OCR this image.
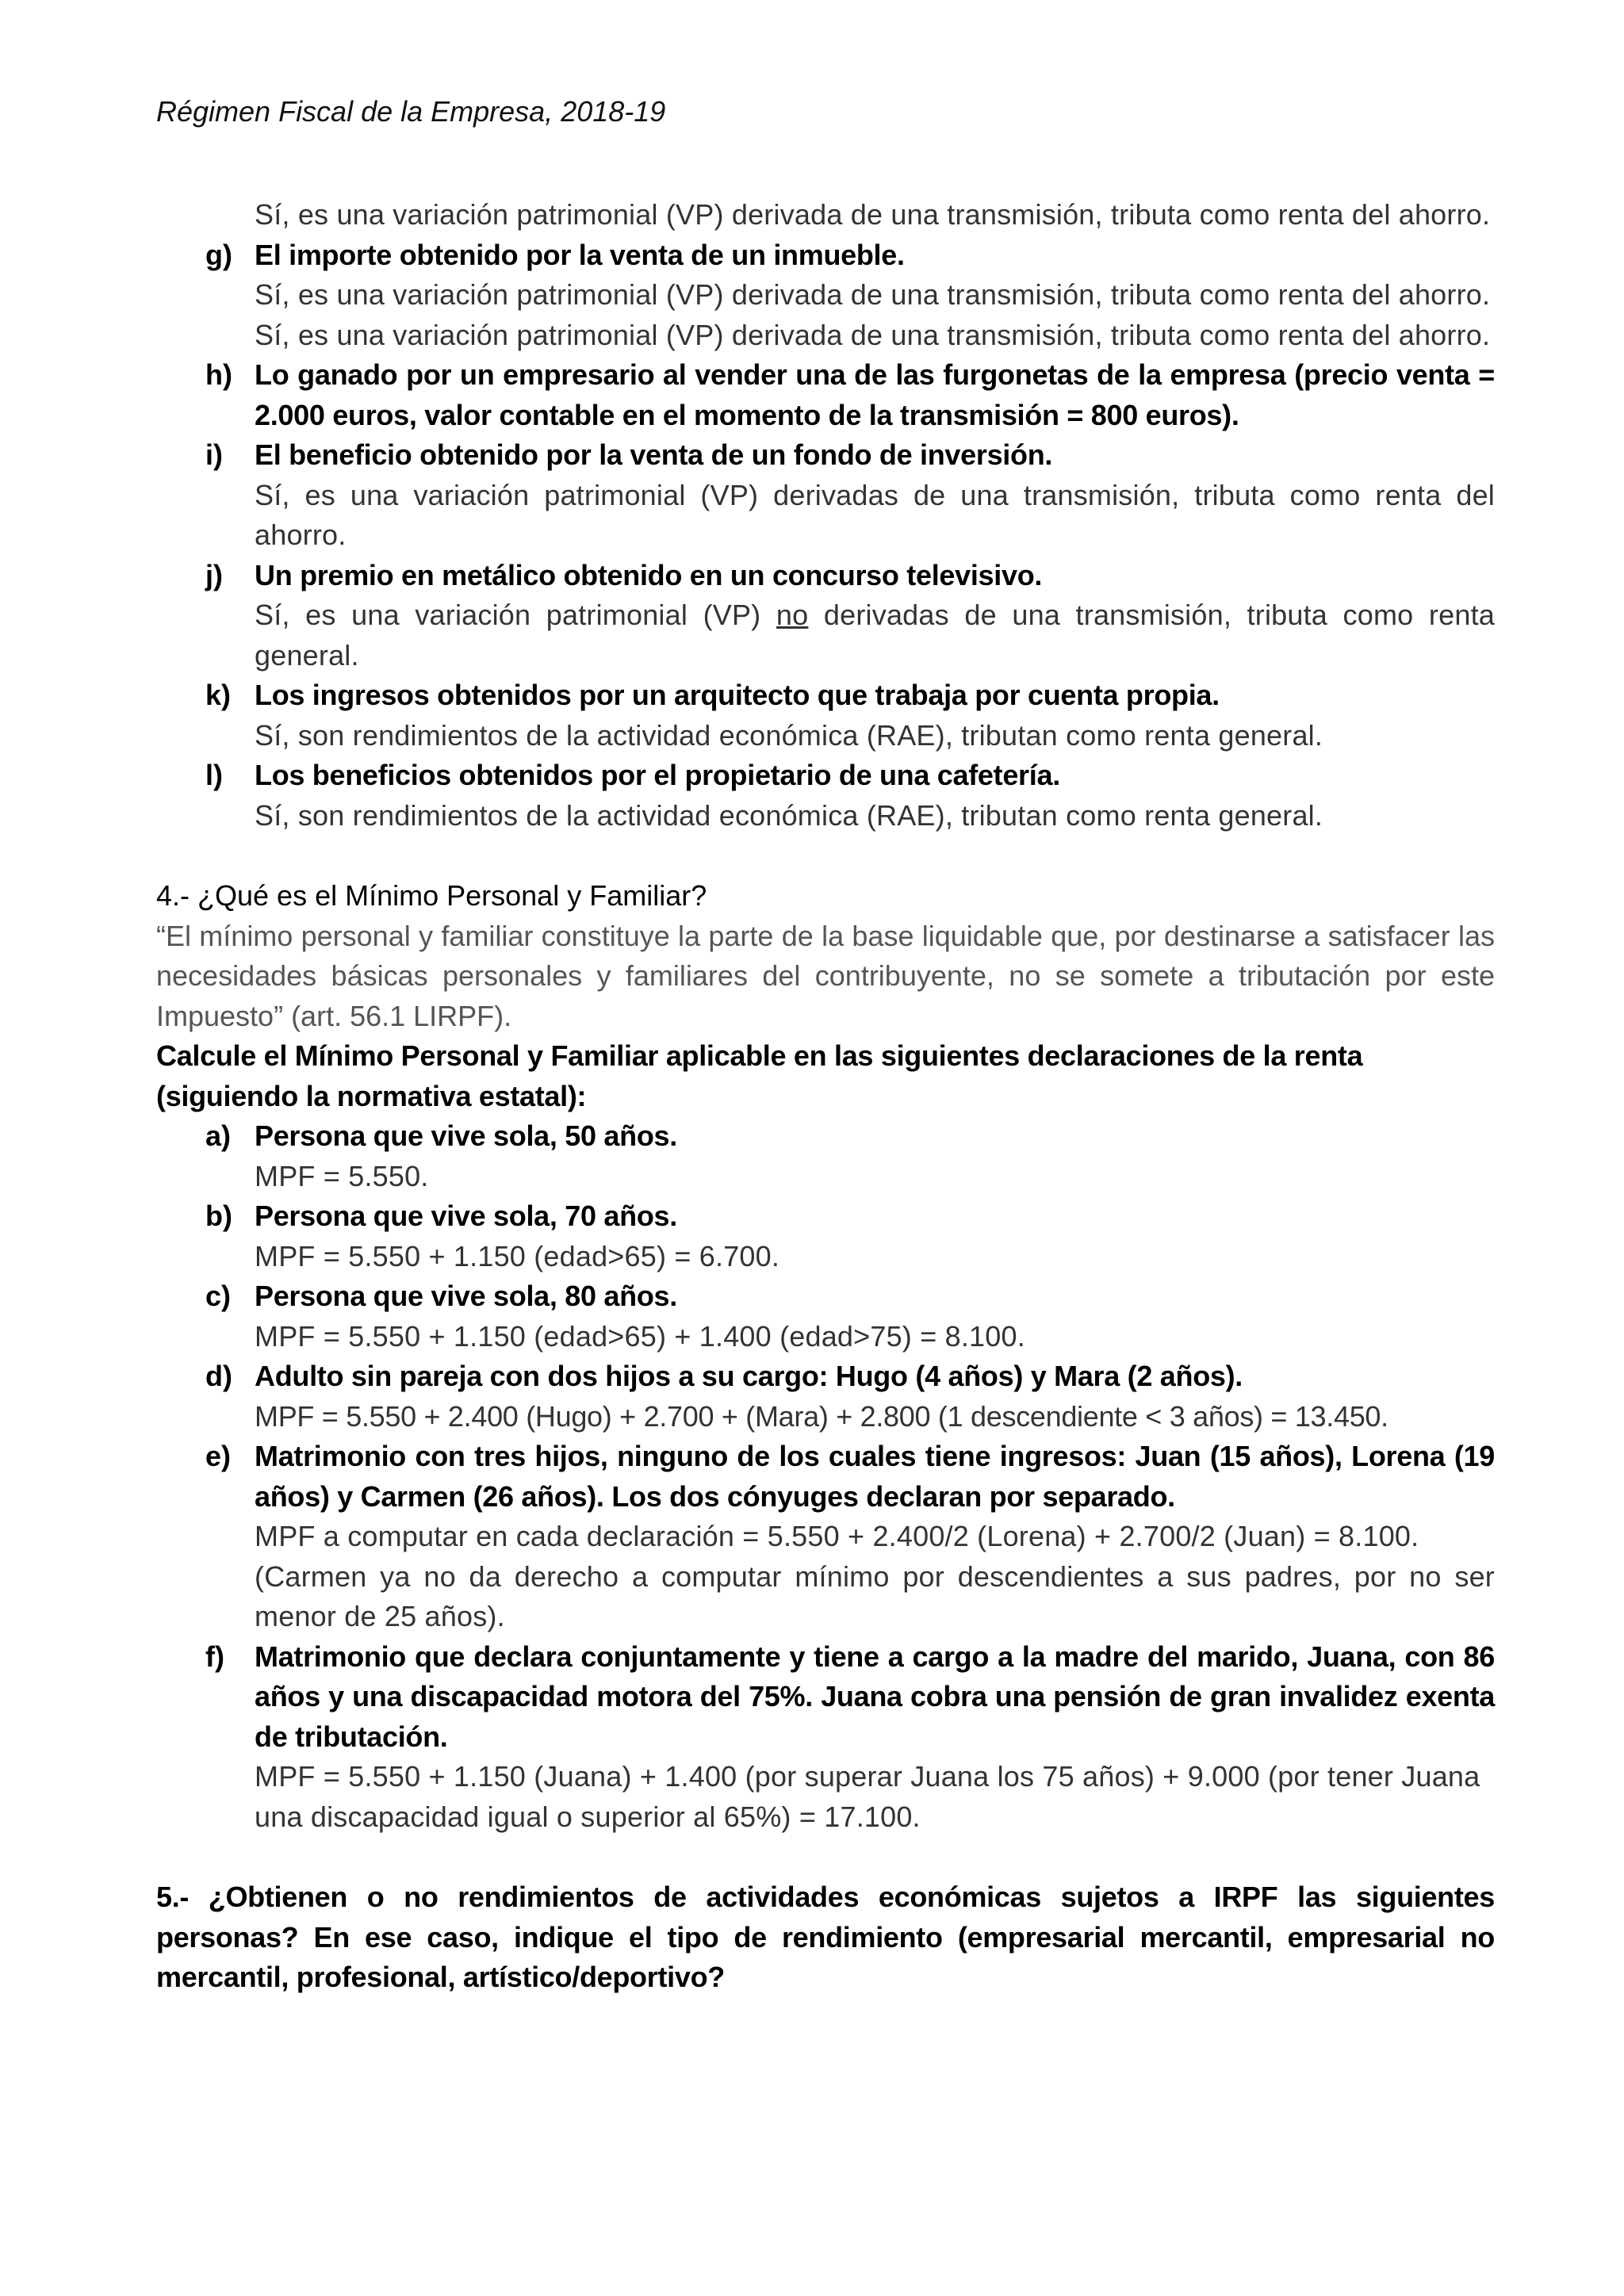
Régimen Fiscal de la Empresa, 2018-19
Sí, es una variación patrimonial (VP) derivada de una transmisión, tributa como renta del ahorro.
g) El importe obtenido por la venta de un inmueble.
Sí, es una variación patrimonial (VP) derivada de una transmisión, tributa como renta del ahorro.
Sí, es una variación patrimonial (VP) derivada de una transmisión, tributa como renta del ahorro.
h) Lo ganado por un empresario al vender una de las furgonetas de la empresa (precio venta = 2.000 euros, valor contable en el momento de la transmisión = 800 euros).
i) El beneficio obtenido por la venta de un fondo de inversión.
Sí, es una variación patrimonial (VP) derivadas de una transmisión, tributa como renta del ahorro.
j) Un premio en metálico obtenido en un concurso televisivo.
Sí, es una variación patrimonial (VP) no derivadas de una transmisión, tributa como renta general.
k) Los ingresos obtenidos por un arquitecto que trabaja por cuenta propia.
Sí, son rendimientos de la actividad económica (RAE), tributan como renta general.
l) Los beneficios obtenidos por el propietario de una cafetería.
Sí, son rendimientos de la actividad económica (RAE), tributan como renta general.
4.- ¿Qué es el Mínimo Personal y Familiar?
“El mínimo personal y familiar constituye la parte de la base liquidable que, por destinarse a satisfacer las necesidades básicas personales y familiares del contribuyente, no se somete a tributación por este Impuesto” (art. 56.1 LIRPF).
Calcule el Mínimo Personal y Familiar aplicable en las siguientes declaraciones de la renta (siguiendo la normativa estatal):
a) Persona que vive sola, 50 años.
MPF = 5.550.
b) Persona que vive sola, 70 años.
MPF = 5.550 + 1.150 (edad>65) = 6.700.
c) Persona que vive sola, 80 años.
MPF = 5.550 + 1.150 (edad>65) + 1.400 (edad>75) = 8.100.
d) Adulto sin pareja con dos hijos a su cargo: Hugo (4 años) y Mara (2 años).
MPF = 5.550 + 2.400 (Hugo) + 2.700 + (Mara) + 2.800 (1 descendiente < 3 años) = 13.450.
e) Matrimonio con tres hijos, ninguno de los cuales tiene ingresos: Juan (15 años), Lorena (19 años) y Carmen (26 años). Los dos cónyuges declaran por separado.
MPF a computar en cada declaración = 5.550 + 2.400/2 (Lorena) + 2.700/2 (Juan) = 8.100.
(Carmen ya no da derecho a computar mínimo por descendientes a sus padres, por no ser menor de 25 años).
f) Matrimonio que declara conjuntamente y tiene a cargo a la madre del marido, Juana, con 86 años y una discapacidad motora del 75%. Juana cobra una pensión de gran invalidez exenta de tributación.
MPF = 5.550 + 1.150 (Juana) + 1.400 (por superar Juana los 75 años) + 9.000 (por tener Juana una discapacidad igual o superior al 65%) = 17.100.
5.- ¿Obtienen o no rendimientos de actividades económicas sujetos a IRPF las siguientes personas? En ese caso, indique el tipo de rendimiento (empresarial mercantil, empresarial no mercantil, profesional, artístico/deportivo?
